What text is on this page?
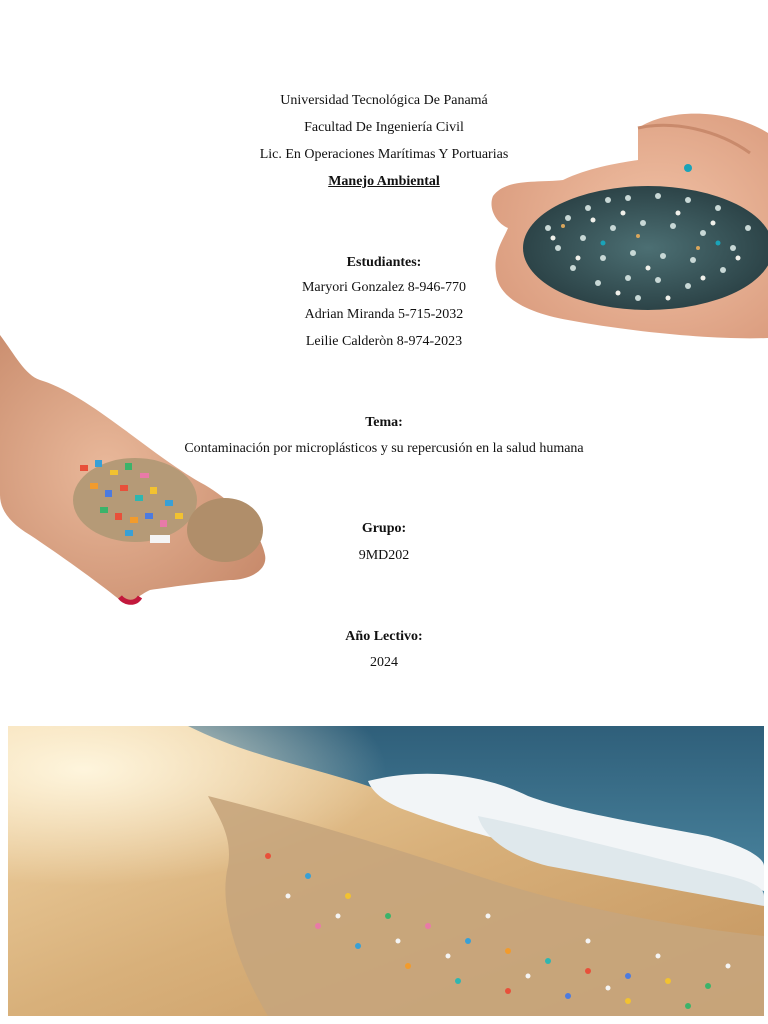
Universidad Tecnológica De Panamá
Facultad De Ingeniería Civil
Lic. En Operaciones Marítimas Y Portuarias
Manejo Ambiental
Estudiantes:
Maryori Gonzalez 8-946-770
Adrian Miranda 5-715-2032
Leilie Calderòn 8-974-2023
Tema:
Contaminación por microplásticos y su repercusión en la salud humana
Grupo:
9MD202
Año Lectivo:
2024
